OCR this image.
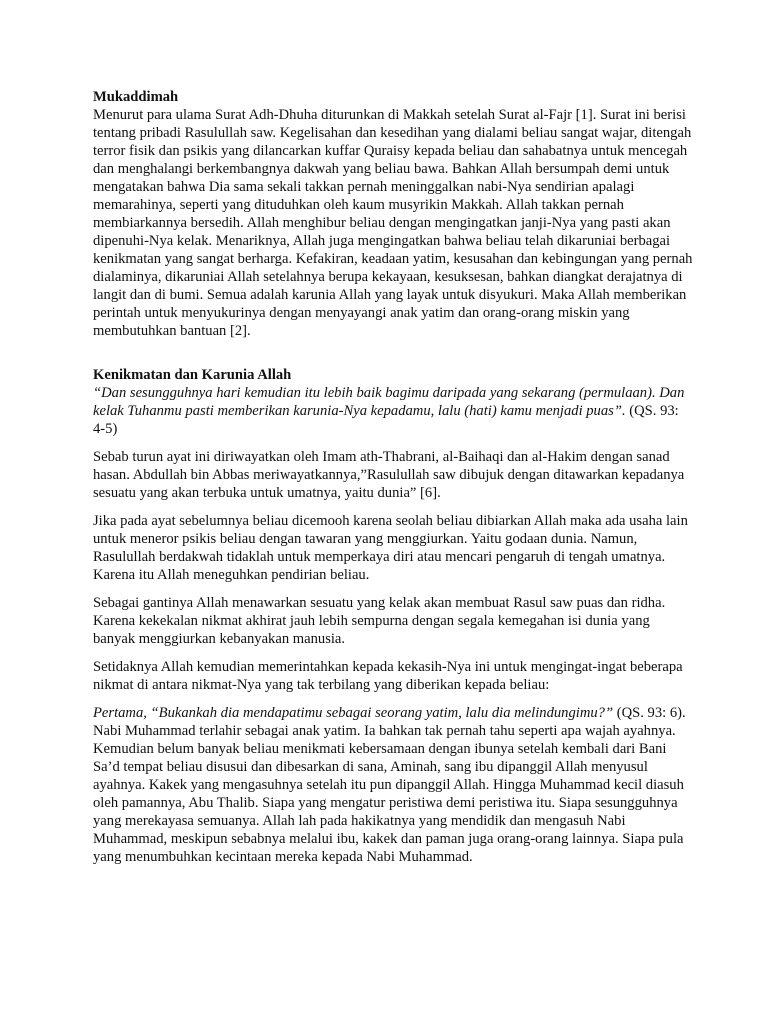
Mukaddimah

Menurut para ulama Surat Adh-Dhuha diturunkan di Makkah setelah Surat al-Fajr [1]. Surat ini berisi tentang pribadi Rasulullah saw. Kegelisahan dan kesedihan yang dialami beliau sangat wajar, ditengah terror fisik dan psikis yang dilancarkan kuffar Quraisy kepada beliau dan sahabatnya untuk mencegah dan menghalangi berkembangnya dakwah yang beliau bawa. Bahkan Allah bersumpah demi untuk mengatakan bahwa Dia sama sekali takkan pernah meninggalkan nabi-Nya sendirian apalagi memarahinya, seperti yang dituduhkan oleh kaum musyrikin Makkah. Allah takkan pernah membiarkannya bersedih. Allah menghibur beliau dengan mengingatkan janji-Nya yang pasti akan dipenuhi-Nya kelak. Menariknya, Allah juga mengingatkan bahwa beliau telah dikaruniai berbagai kenikmatan yang sangat berharga. Kefakiran, keadaan yatim, kesusahan dan kebingungan yang pernah dialaminya, dikaruniai Allah setelahnya berupa kekayaan, kesuksesan, bahkan diangkat derajatnya di langit dan di bumi. Semua adalah karunia Allah yang layak untuk disyukuri. Maka Allah memberikan perintah untuk menyukurinya dengan menyayangi anak yatim dan orang-orang miskin yang membutuhkan bantuan [2].

Kenikmatan dan Karunia Allah

“Dan sesungguhnya hari kemudian itu lebih baik bagimu daripada yang sekarang (permulaan). Dan kelak Tuhanmu pasti memberikan karunia-Nya kepadamu, lalu (hati) kamu menjadi puas”. (QS. 93: 4-5)

Sebab turun ayat ini diriwayatkan oleh Imam ath-Thabrani, al-Baihaqi dan al-Hakim dengan sanad hasan. Abdullah bin Abbas meriwayatkannya,”Rasulullah saw dibujuk dengan ditawarkan kepadanya sesuatu yang akan terbuka untuk umatnya, yaitu dunia” [6].

Jika pada ayat sebelumnya beliau dicemooh karena seolah beliau dibiarkan Allah maka ada usaha lain untuk meneror psikis beliau dengan tawaran yang menggiurkan. Yaitu godaan dunia. Namun, Rasulullah berdakwah tidaklah untuk memperkaya diri atau mencari pengaruh di tengah umatnya. Karena itu Allah meneguhkan pendirian beliau.

Sebagai gantinya Allah menawarkan sesuatu yang kelak akan membuat Rasul saw puas dan ridha. Karena kekekalan nikmat akhirat jauh lebih sempurna dengan segala kemegahan isi dunia yang banyak menggiurkan kebanyakan manusia.

Setidaknya Allah kemudian memerintahkan kepada kekasih-Nya ini untuk mengingat-ingat beberapa nikmat di antara nikmat-Nya yang tak terbilang yang diberikan kepada beliau:

Pertama, “Bukankah dia mendapatimu sebagai seorang yatim, lalu dia melindungimu?” (QS. 93: 6). Nabi Muhammad terlahir sebagai anak yatim. Ia bahkan tak pernah tahu seperti apa wajah ayahnya. Kemudian belum banyak beliau menikmati kebersamaan dengan ibunya setelah kembali dari Bani Sa’d tempat beliau disusui dan dibesarkan di sana, Aminah, sang ibu dipanggil Allah menyusul ayahnya. Kakek yang mengasuhnya setelah itu pun dipanggil Allah. Hingga Muhammad kecil diasuh oleh pamannya, Abu Thalib. Siapa yang mengatur peristiwa demi peristiwa itu. Siapa sesungguhnya yang merekayasa semuanya. Allah lah pada hakikatnya yang mendidik dan mengasuh Nabi Muhammad, meskipun sebabnya melalui ibu, kakek dan paman juga orang-orang lainnya. Siapa pula yang menumbuhkan kecintaan mereka kepada Nabi Muhammad.
